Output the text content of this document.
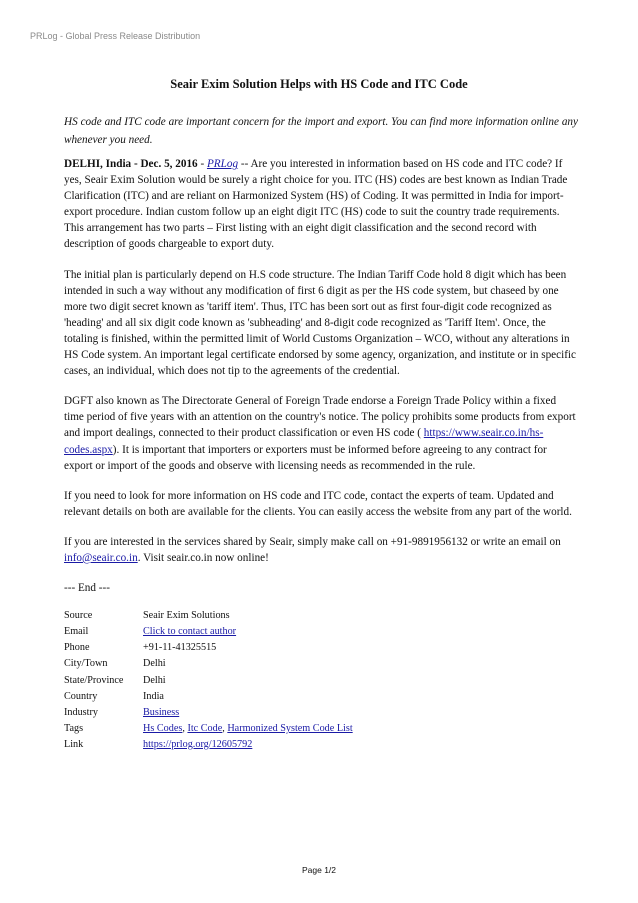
PRLog - Global Press Release Distribution
Seair Exim Solution Helps with HS Code and ITC Code
HS code and ITC code are important concern for the import and export. You can find more information online any whenever you need.

DELHI, India - Dec. 5, 2016 - PRLog -- Are you interested in information based on HS code and ITC code? If yes, Seair Exim Solution would be surely a right choice for you. ITC (HS) codes are best known as Indian Trade Clarification (ITC) and are reliant on Harmonized System (HS) of Coding. It was permitted in India for import-export procedure. Indian custom follow up an eight digit ITC (HS) code to suit the country trade requirements. This arrangement has two parts – First listing with an eight digit classification and the second record with description of goods chargeable to export duty.

The initial plan is particularly depend on H.S code structure. The Indian Tariff Code hold 8 digit which has been intended in such a way without any modification of first 6 digit as per the HS code system, but chaseed by one more two digit secret known as 'tariff item'. Thus, ITC has been sort out as first four-digit code recognized as 'heading' and all six digit code known as 'subheading' and 8-digit code recognized as 'Tariff Item'. Once, the totaling is finished, within the permitted limit of World Customs Organization – WCO, without any alterations in HS Code system. An important legal certificate endorsed by some agency, organization, and institute or in specific cases, an individual, which does not tip to the agreements of the credential.

DGFT also known as The Directorate General of Foreign Trade endorse a Foreign Trade Policy within a fixed time period of five years with an attention on the country's notice. The policy prohibits some products from export and import dealings, connected to their product classification or even HS code ( https://www.seair.co.in/hs-codes.aspx). It is important that importers or exporters must be informed before agreeing to any contract for export or import of the goods and observe with licensing needs as recommended in the rule.

If you need to look for more information on HS code and ITC code, contact the experts of team. Updated and relevant details on both are available for the clients. You can easily access the website from any part of the world.

If you are interested in the services shared by Seair, simply make call on +91-9891956132 or write an email on info@seair.co.in. Visit seair.co.in now online!

--- End ---
Source	Seair Exim Solutions
Email	Click to contact author
Phone	+91-11-41325515
City/Town	Delhi
State/Province	Delhi
Country	India
Industry	Business
Tags	Hs Codes, Itc Code, Harmonized System Code List
Link	https://prlog.org/12605792
Page 1/2
